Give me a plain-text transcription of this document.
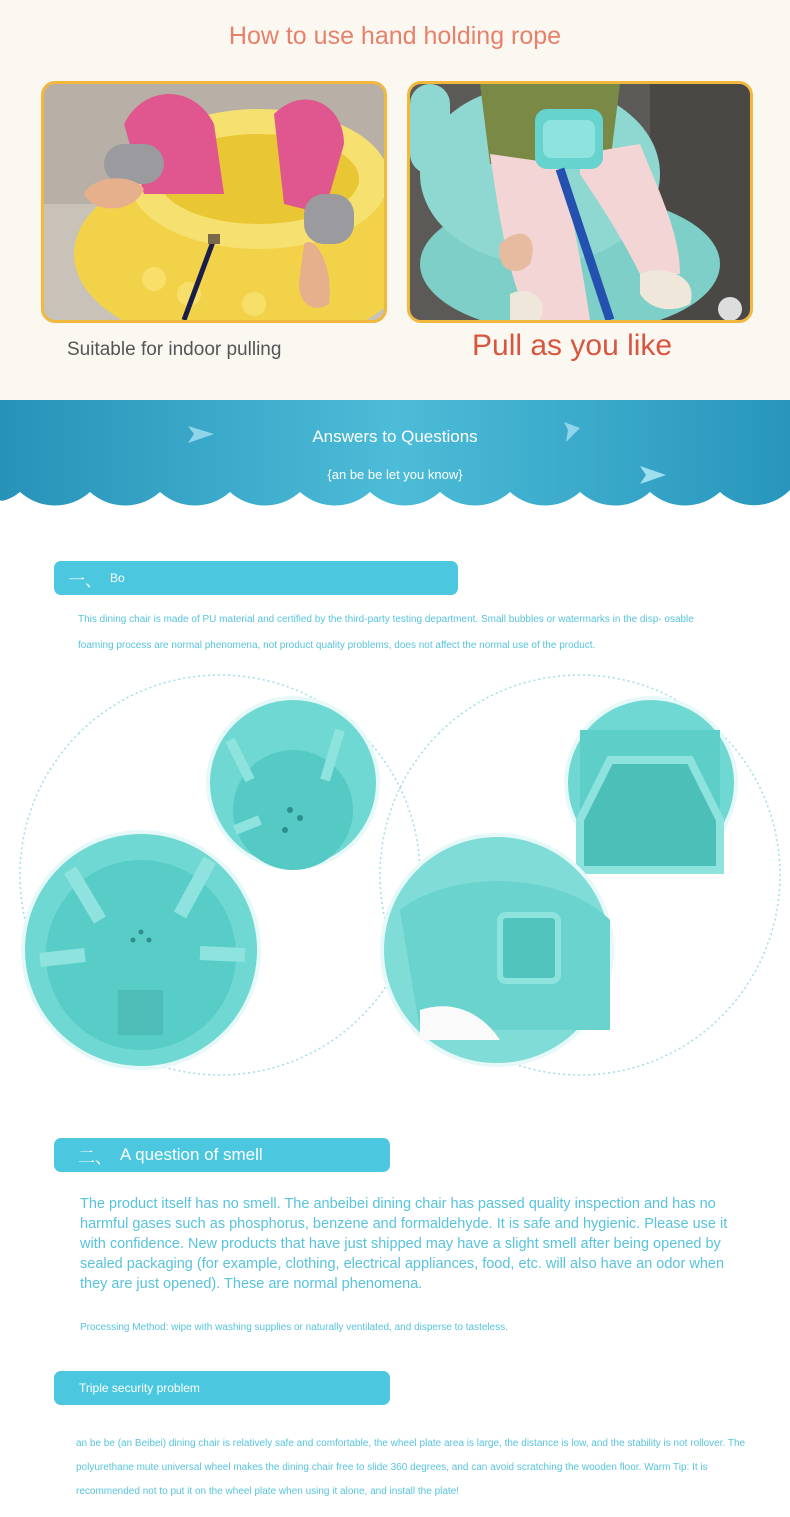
How to use hand holding rope
Suitable for indoor pulling	Pull as you like
Answers to Questions
{an be be let you know}
一、 Bo
This dining chair is made of PU material and certified by the third-party testing department. Small bubbles or watermarks in the disp- osable foaming process are normal phenomena, not product quality problems, does not affect the normal use of the product.
二、 A question of smell
The product itself has no smell. The anbeibei dining chair has passed quality inspection and has no harmful gases such as phosphorus, benzene and formaldehyde. It is safe and hygienic. Please use it with confidence. New products that have just shipped may have a slight smell after being opened by sealed packaging (for example, clothing, electrical appliances, food, etc. will also have an odor when they are just opened). These are normal phenomena.
Processing Method: wipe with washing supplies or naturally ventilated, and disperse to tasteless.
Triple security problem
an be be (an Beibei) dining chair is relatively safe and comfortable, the wheel plate area is large, the distance is low, and the stability is not rollover. The polyurethane mute universal wheel makes the dining chair free to slide 360 degrees, and can avoid scratching the wooden floor. Warm Tip: It is recommended not to put it on the wheel plate when using it alone, and install the plate!
